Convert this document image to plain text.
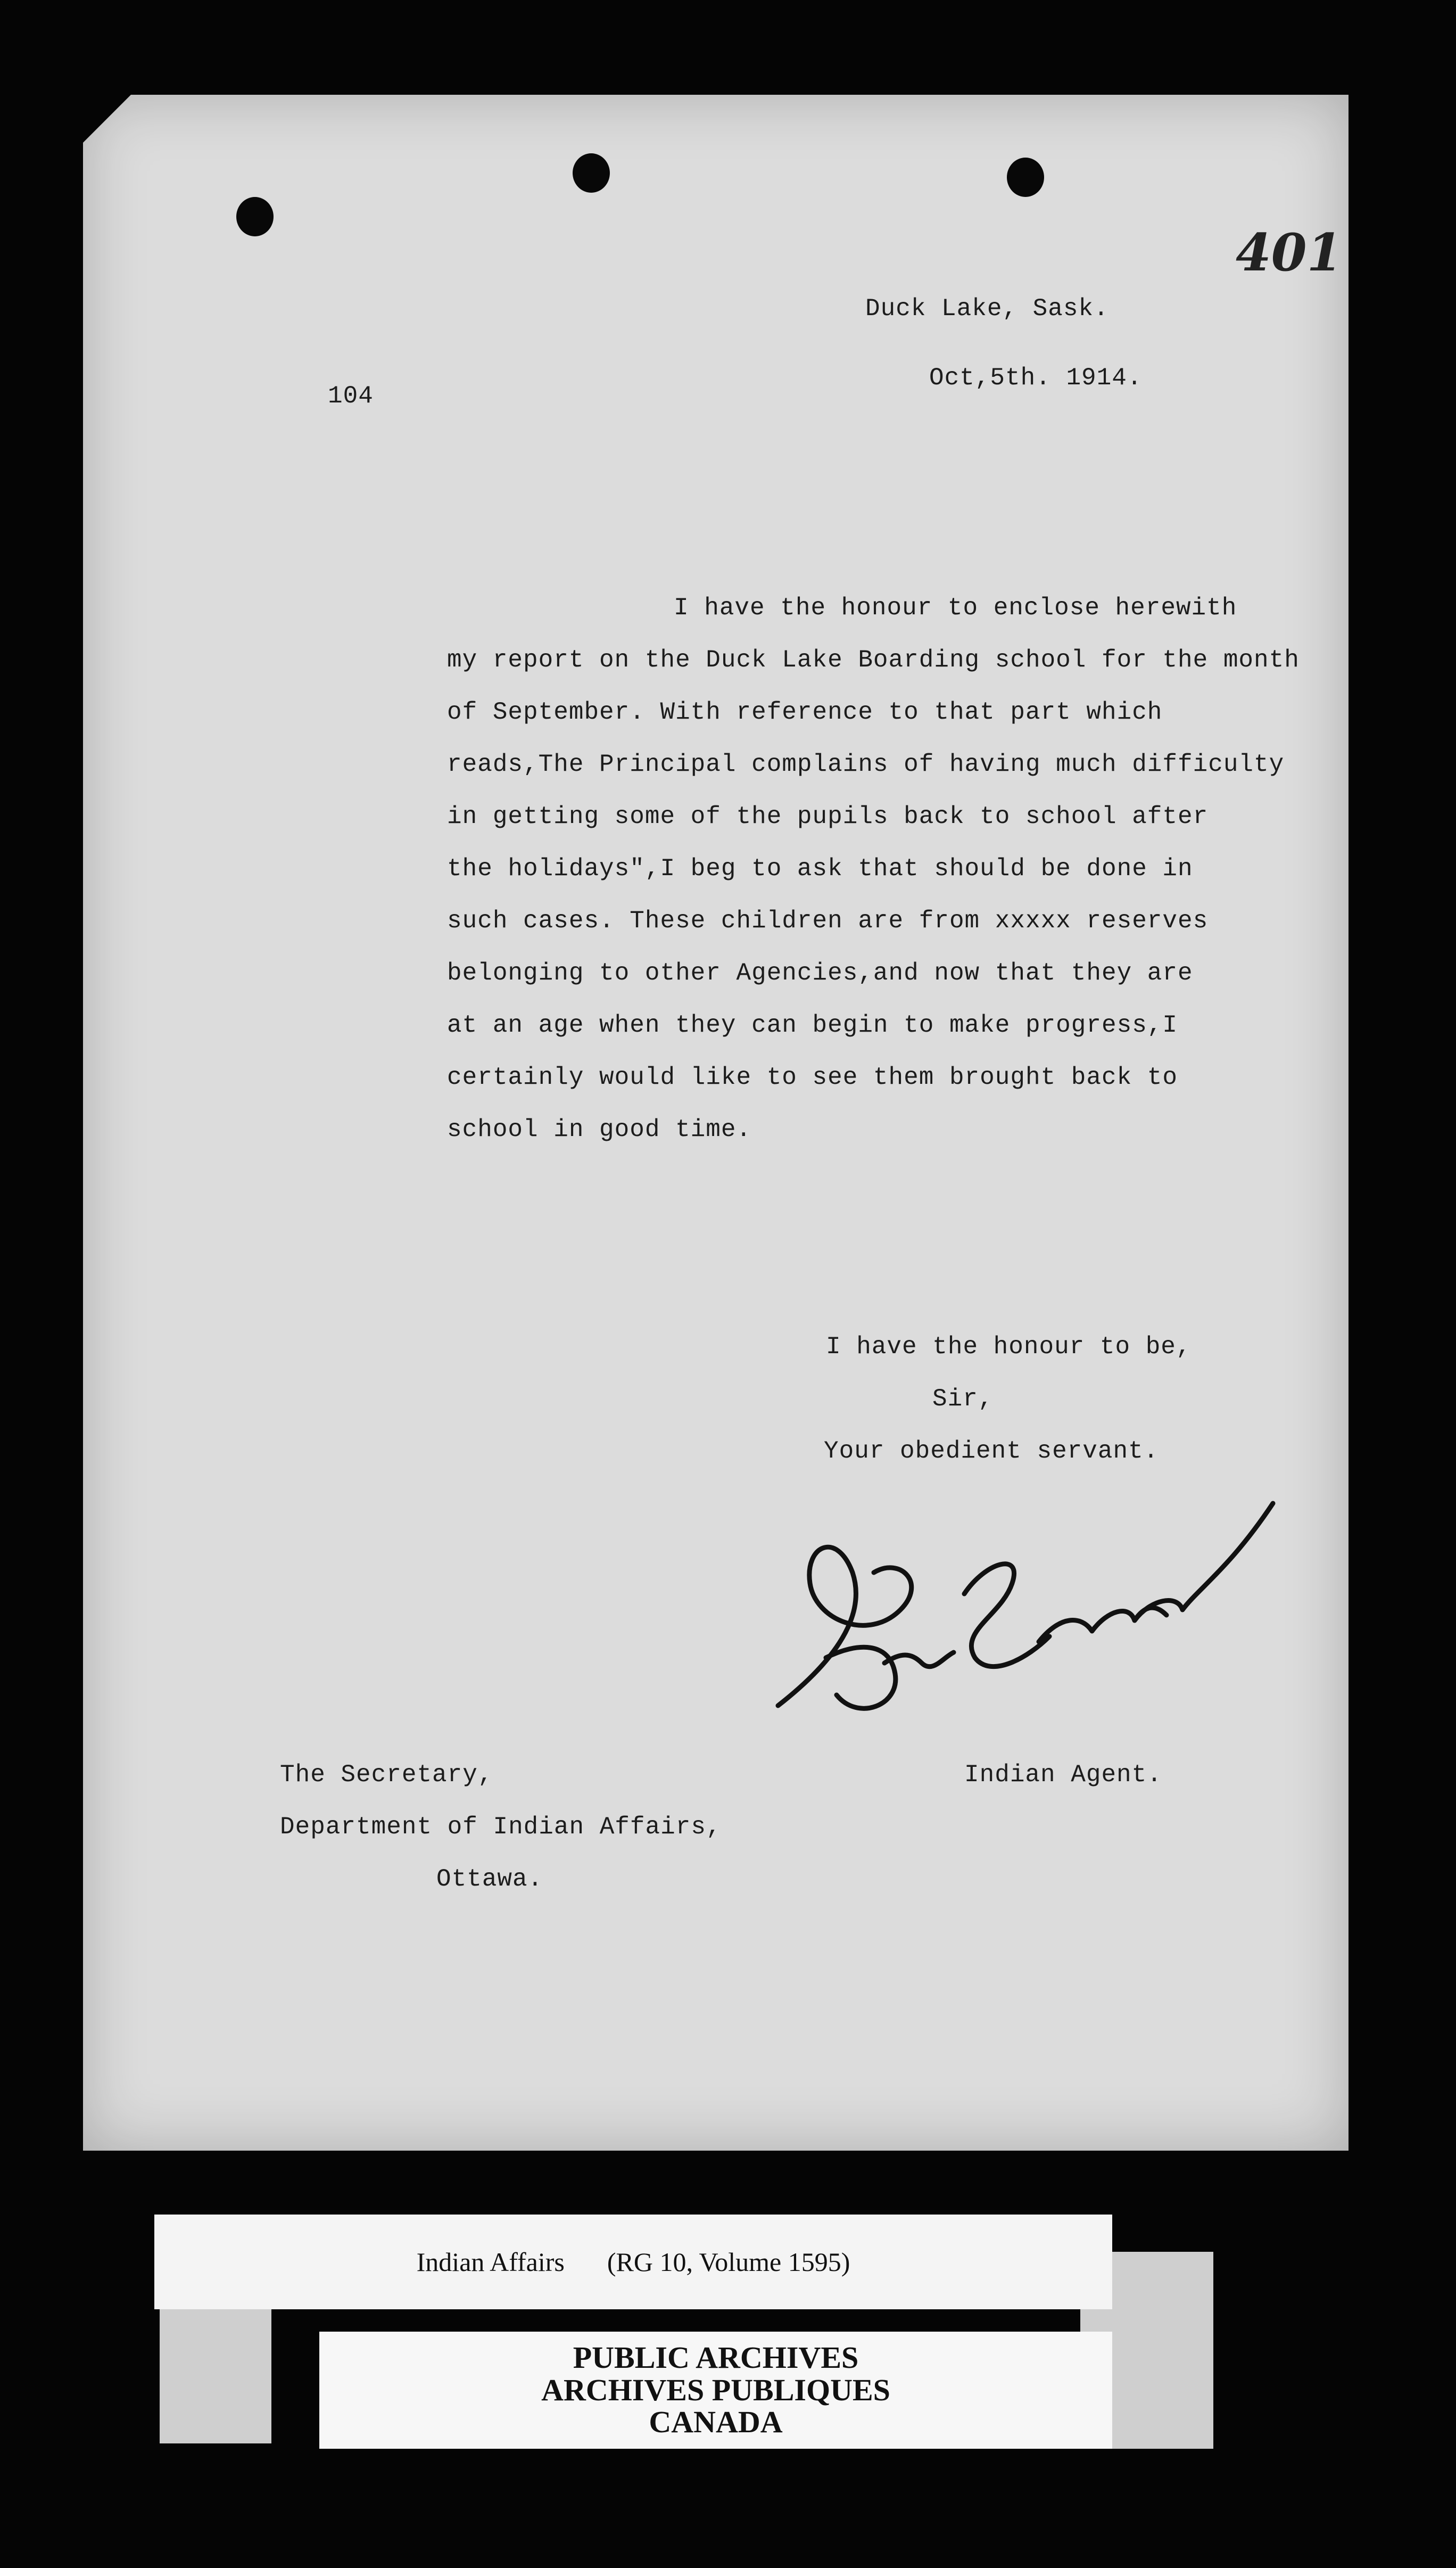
401
104
Duck Lake, Sask.
Oct,5th. 1914.
I have the honour to enclose herewith
my report on the Duck Lake Boarding school for the month
of September. With reference to that part which
reads,The Principal complains of having much difficulty
in getting some of the pupils back to school after
the holidays",I beg to ask that should be done in
such cases. These children are from xxxxx reserves
belonging to other Agencies,and now that they are
at an age when they can begin to make progress,I
certainly would like to see them brought back to
school in good time.
I have the honour to be,
Sir,
Your obedient servant.
Indian Agent.
The Secretary,
Department of Indian Affairs,
Ottawa.
Indian Affairs (RG 10, Volume 1595)
PUBLIC ARCHIVES
ARCHIVES PUBLIQUES
CANADA
